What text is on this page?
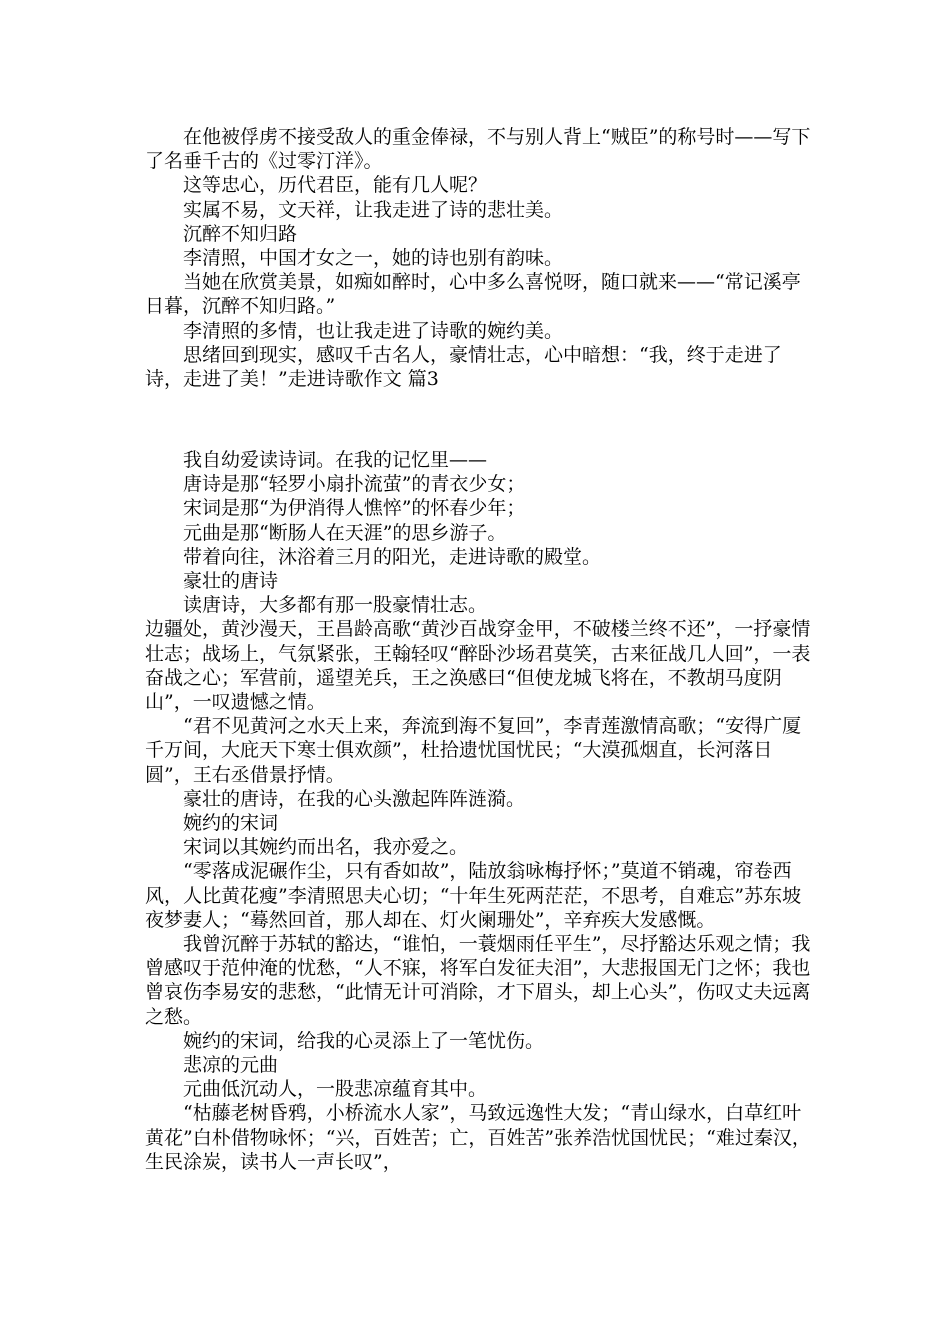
在他被俘虏不接受敌人的重金俸禄，不与别人背上“贼臣”的称号时——写下了名垂千古的《过零汀洋》。

这等忠心，历代君臣，能有几人呢？

实属不易，文天祥，让我走进了诗的悲壮美。

沉醉不知归路

李清照，中国才女之一，她的诗也别有韵味。

当她在欣赏美景，如痴如醉时，心中多么喜悦呀，随口就来——“常记溪亭日暮，沉醉不知归路。”

李清照的多情，也让我走进了诗歌的婉约美。

思绪回到现实，感叹千古名人，豪情壮志，心中暗想：“我，终于走进了诗，走进了美！”走进诗歌作文 篇3

我自幼爱读诗词。在我的记忆里——

唐诗是那“轻罗小扇扑流萤”的青衣少女；

宋词是那“为伊消得人憔悴”的怀春少年；

元曲是那“断肠人在天涯”的思乡游子。

带着向往，沐浴着三月的阳光，走进诗歌的殿堂。

豪壮的唐诗

读唐诗，大多都有那一股豪情壮志。

边疆处，黄沙漫天，王昌龄高歌“黄沙百战穿金甲，不破楼兰终不还”，一抒豪情壮志；战场上，气氛紧张，王翰轻叹“醉卧沙场君莫笑，古来征战几人回”，一表奋战之心；军营前，遥望羌兵，王之涣感曰“但使龙城飞将在，不教胡马度阴山”，一叹遗憾之情。

“君不见黄河之水天上来，奔流到海不复回”，李青莲激情高歌；“安得广厦千万间，大庇天下寒士俱欢颜”，杜拾遗忧国忧民；“大漠孤烟直，长河落日圆”，王右丞借景抒情。

豪壮的唐诗，在我的心头激起阵阵涟漪。

婉约的宋词

宋词以其婉约而出名，我亦爱之。

“零落成泥碾作尘，只有香如故”，陆放翁咏梅抒怀；”莫道不销魂，帘卷西风，人比黄花瘦”李清照思夫心切；“十年生死两茫茫，不思考，自难忘”苏东坡夜梦妻人；“蓦然回首，那人却在、灯火阑珊处”，辛弃疾大发感慨。

我曾沉醉于苏轼的豁达，“谁怕，一蓑烟雨任平生”，尽抒豁达乐观之情；我曾感叹于范仲淹的忧愁，“人不寐，将军白发征夫泪”，大悲报国无门之怀；我也曾哀伤李易安的悲愁，“此情无计可消除，才下眉头，却上心头”，伤叹丈夫远离之愁。

婉约的宋词，给我的心灵添上了一笔忧伤。

悲凉的元曲

元曲低沉动人，一股悲凉蕴育其中。

“枯藤老树昏鸦，小桥流水人家”，马致远逸性大发；“青山绿水，白草红叶黄花”白朴借物咏怀；“兴，百姓苦；亡，百姓苦”张养浩忧国忧民；“难过秦汉，生民涂炭，读书人一声长叹”，
